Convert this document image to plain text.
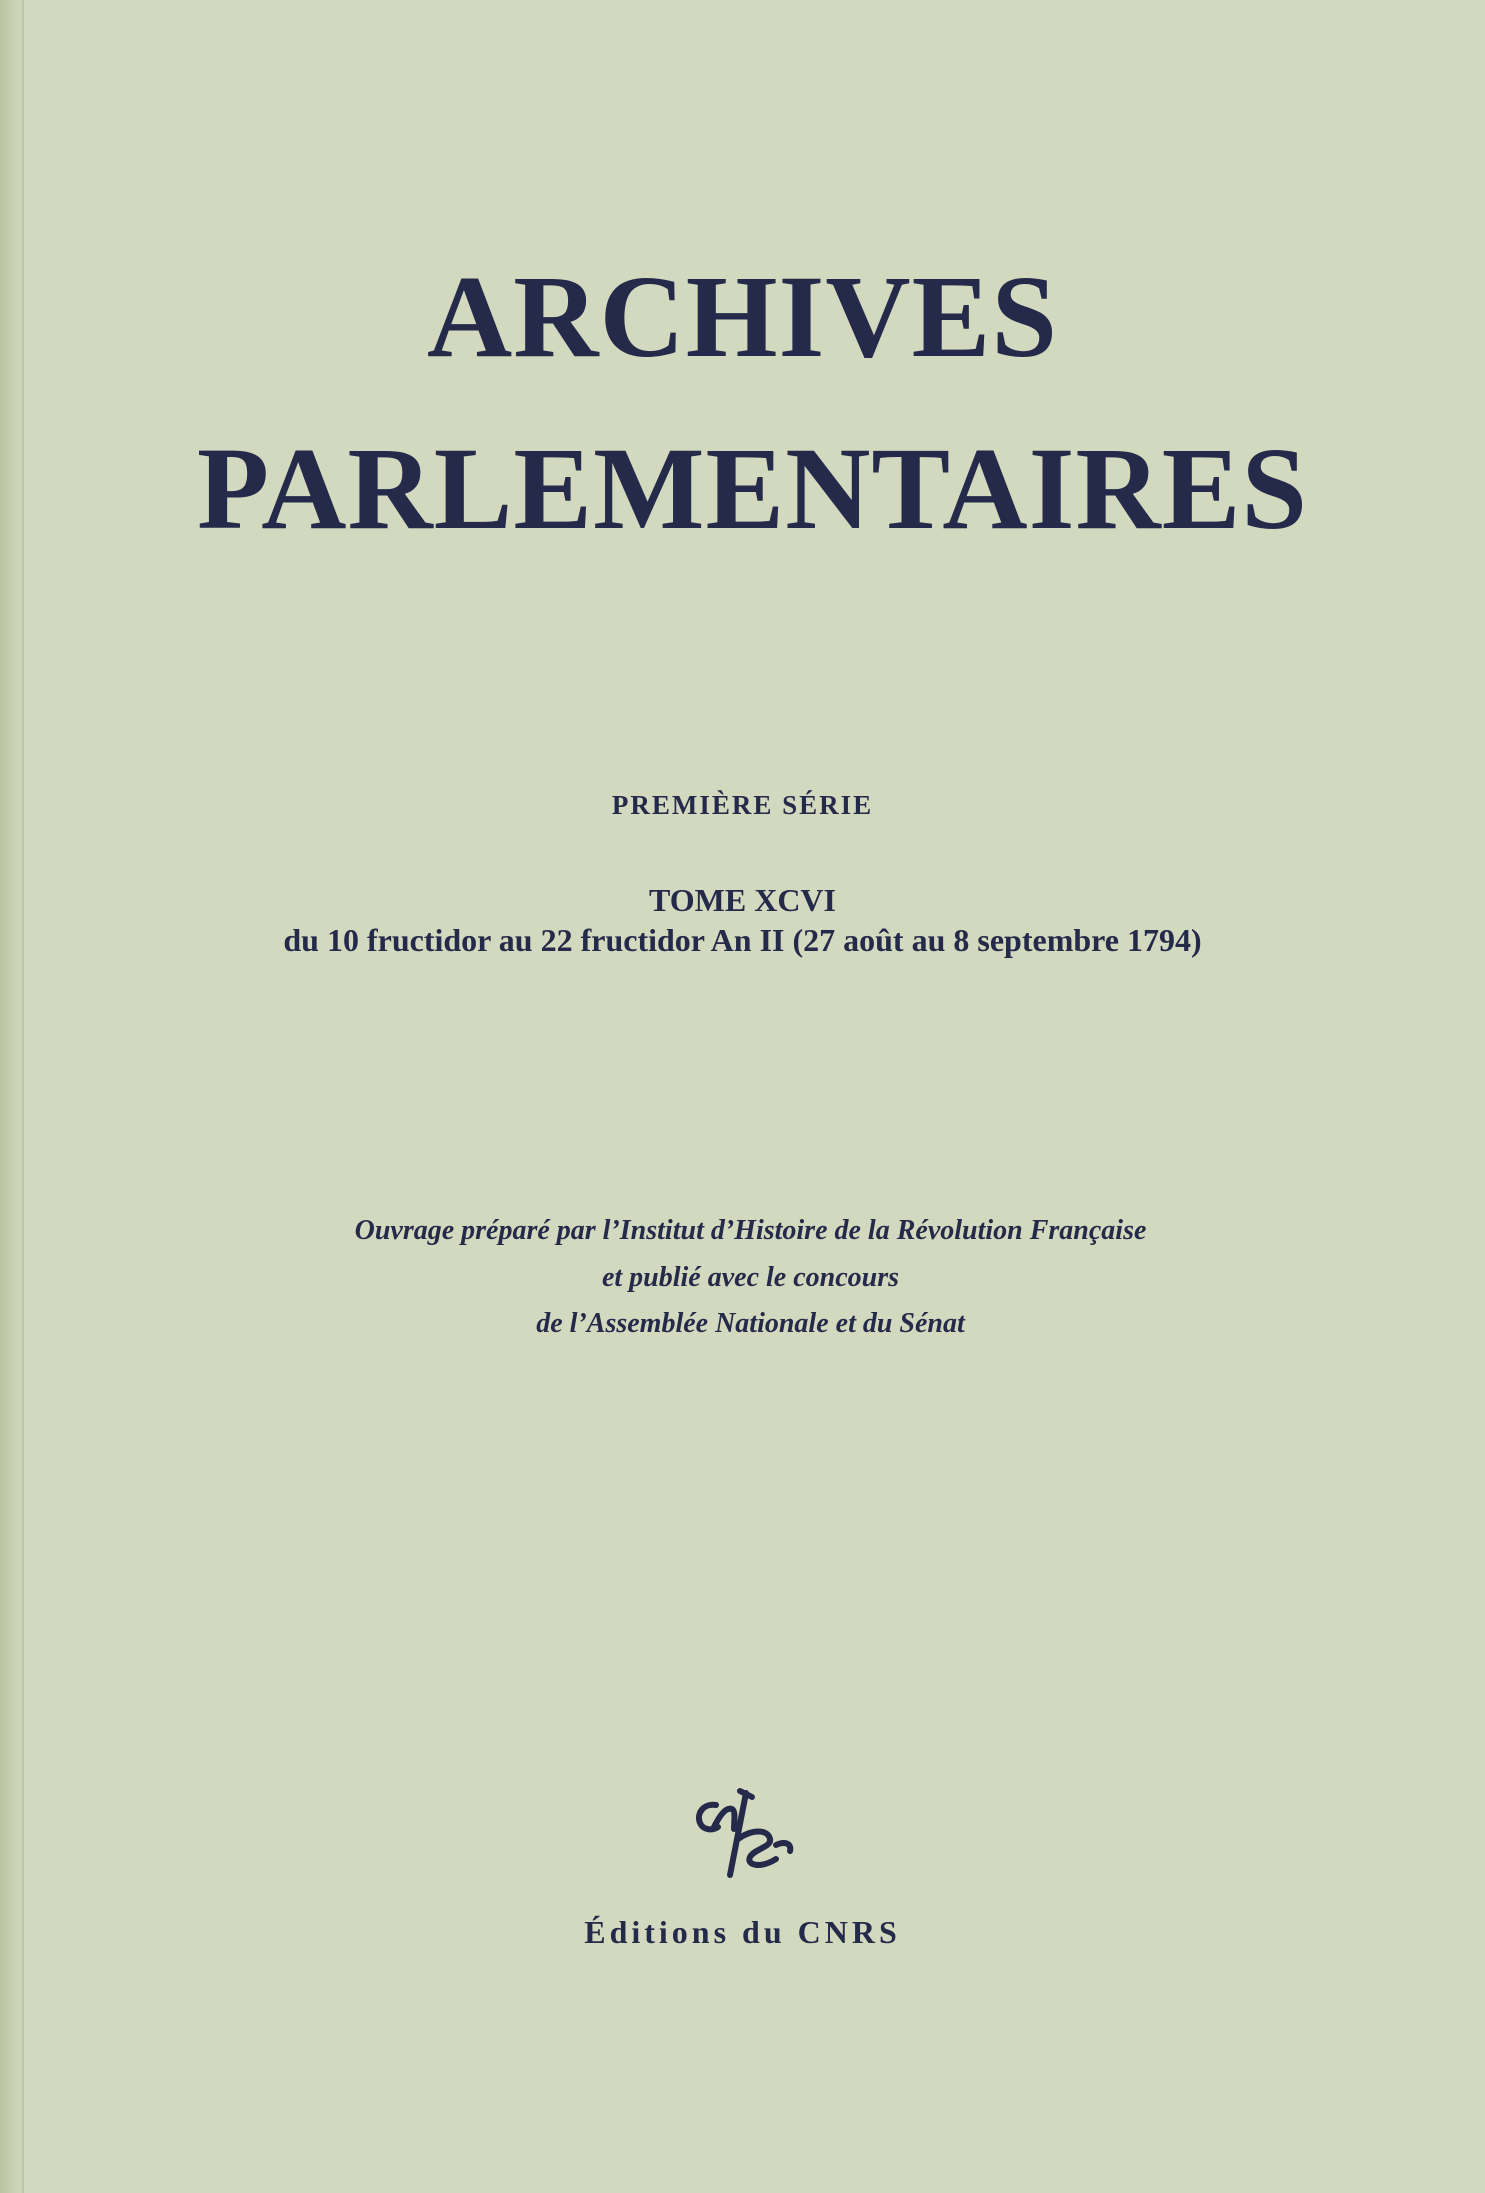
ARCHIVES
PARLEMENTAIRES
PREMIÈRE SÉRIE
TOME XCVI
du 10 fructidor au 22 fructidor An II (27 août au 8 septembre 1794)
Ouvrage préparé par l’Institut d’Histoire de la Révolution Française
et publié avec le concours
de l’Assemblée Nationale et du Sénat
Éditions du CNRS
